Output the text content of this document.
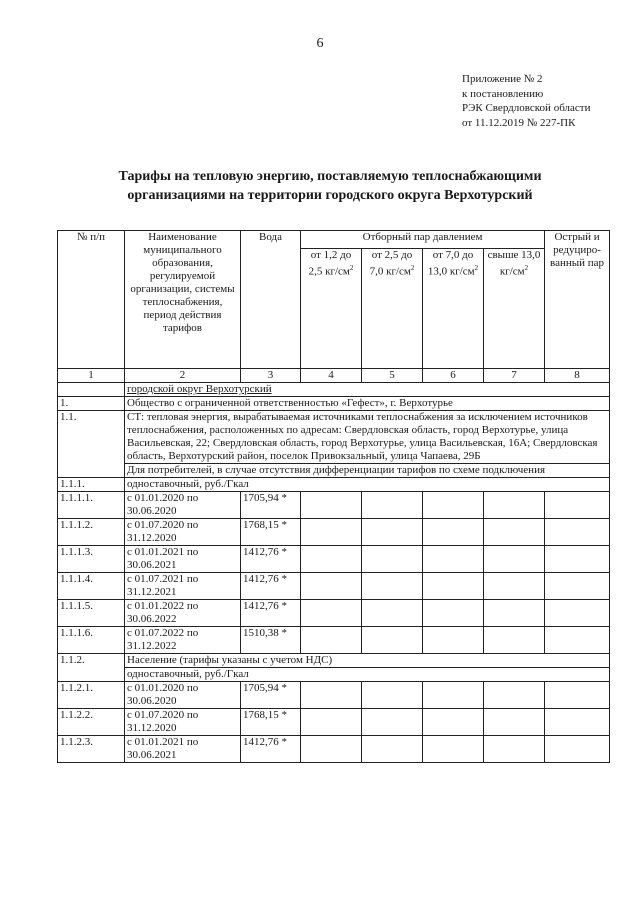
6
Приложение № 2
к постановлению
РЭК Свердловской области
от 11.12.2019 № 227-ПК
Тарифы на тепловую энергию, поставляемую теплоснабжающими
организациями на территории городского округа Верхотурский
№ п/п	Наименование муниципального образования, регулируемой организации, системы теплоснабжения, период действия тарифов	Вода	Отборный пар давлением				Острый и редуциро-ванный пар
			от 1,2 до 2,5 $кг/см^2$	от 2,5 до 7,0 $кг/см^2$	от 7,0 до 13,0 $кг/см^2$	свыше 13,0 $кг/см^2$
1	2	3	4	5	6	7	8
	городской округ Верхотурский						
1.	Общество с ограниченной ответственностью «Гефест», г. Верхотурье						
1.1.	СТ: тепловая энергия, вырабатываемая источниками теплоснабжения за исключением источников теплоснабжения, расположенных по адресам: Свердловская область, город Верхотурье, улица Васильевская, 22; Свердловская область, город Верхотурье, улица Васильевская, 16А; Свердловская область, Верхотурский район, поселок Привокзальный, улица Чапаева, 29Б						
	Для потребителей, в случае отсутствия дифференциации тарифов по схеме подключения						
1.1.1.	одноставочный, руб./Гкал						
1.1.1.1.	с 01.01.2020 по 30.06.2020	1705,94 *					
1.1.1.2.	с 01.07.2020 по 31.12.2020	1768,15 *					
1.1.1.3.	с 01.01.2021 по 30.06.2021	1412,76 *					
1.1.1.4.	с 01.07.2021 по 31.12.2021	1412,76 *					
1.1.1.5.	с 01.01.2022 по 30.06.2022	1412,76 *					
1.1.1.6.	с 01.07.2022 по 31.12.2022	1510,38 *					
1.1.2.	Население (тарифы указаны с учетом НДС)						
	одноставочный, руб./Гкал						
1.1.2.1.	с 01.01.2020 по 30.06.2020	1705,94 *					
1.1.2.2.	с 01.07.2020 по 31.12.2020	1768,15 *					
1.1.2.3.	с 01.01.2021 по 30.06.2021	1412,76 *					
